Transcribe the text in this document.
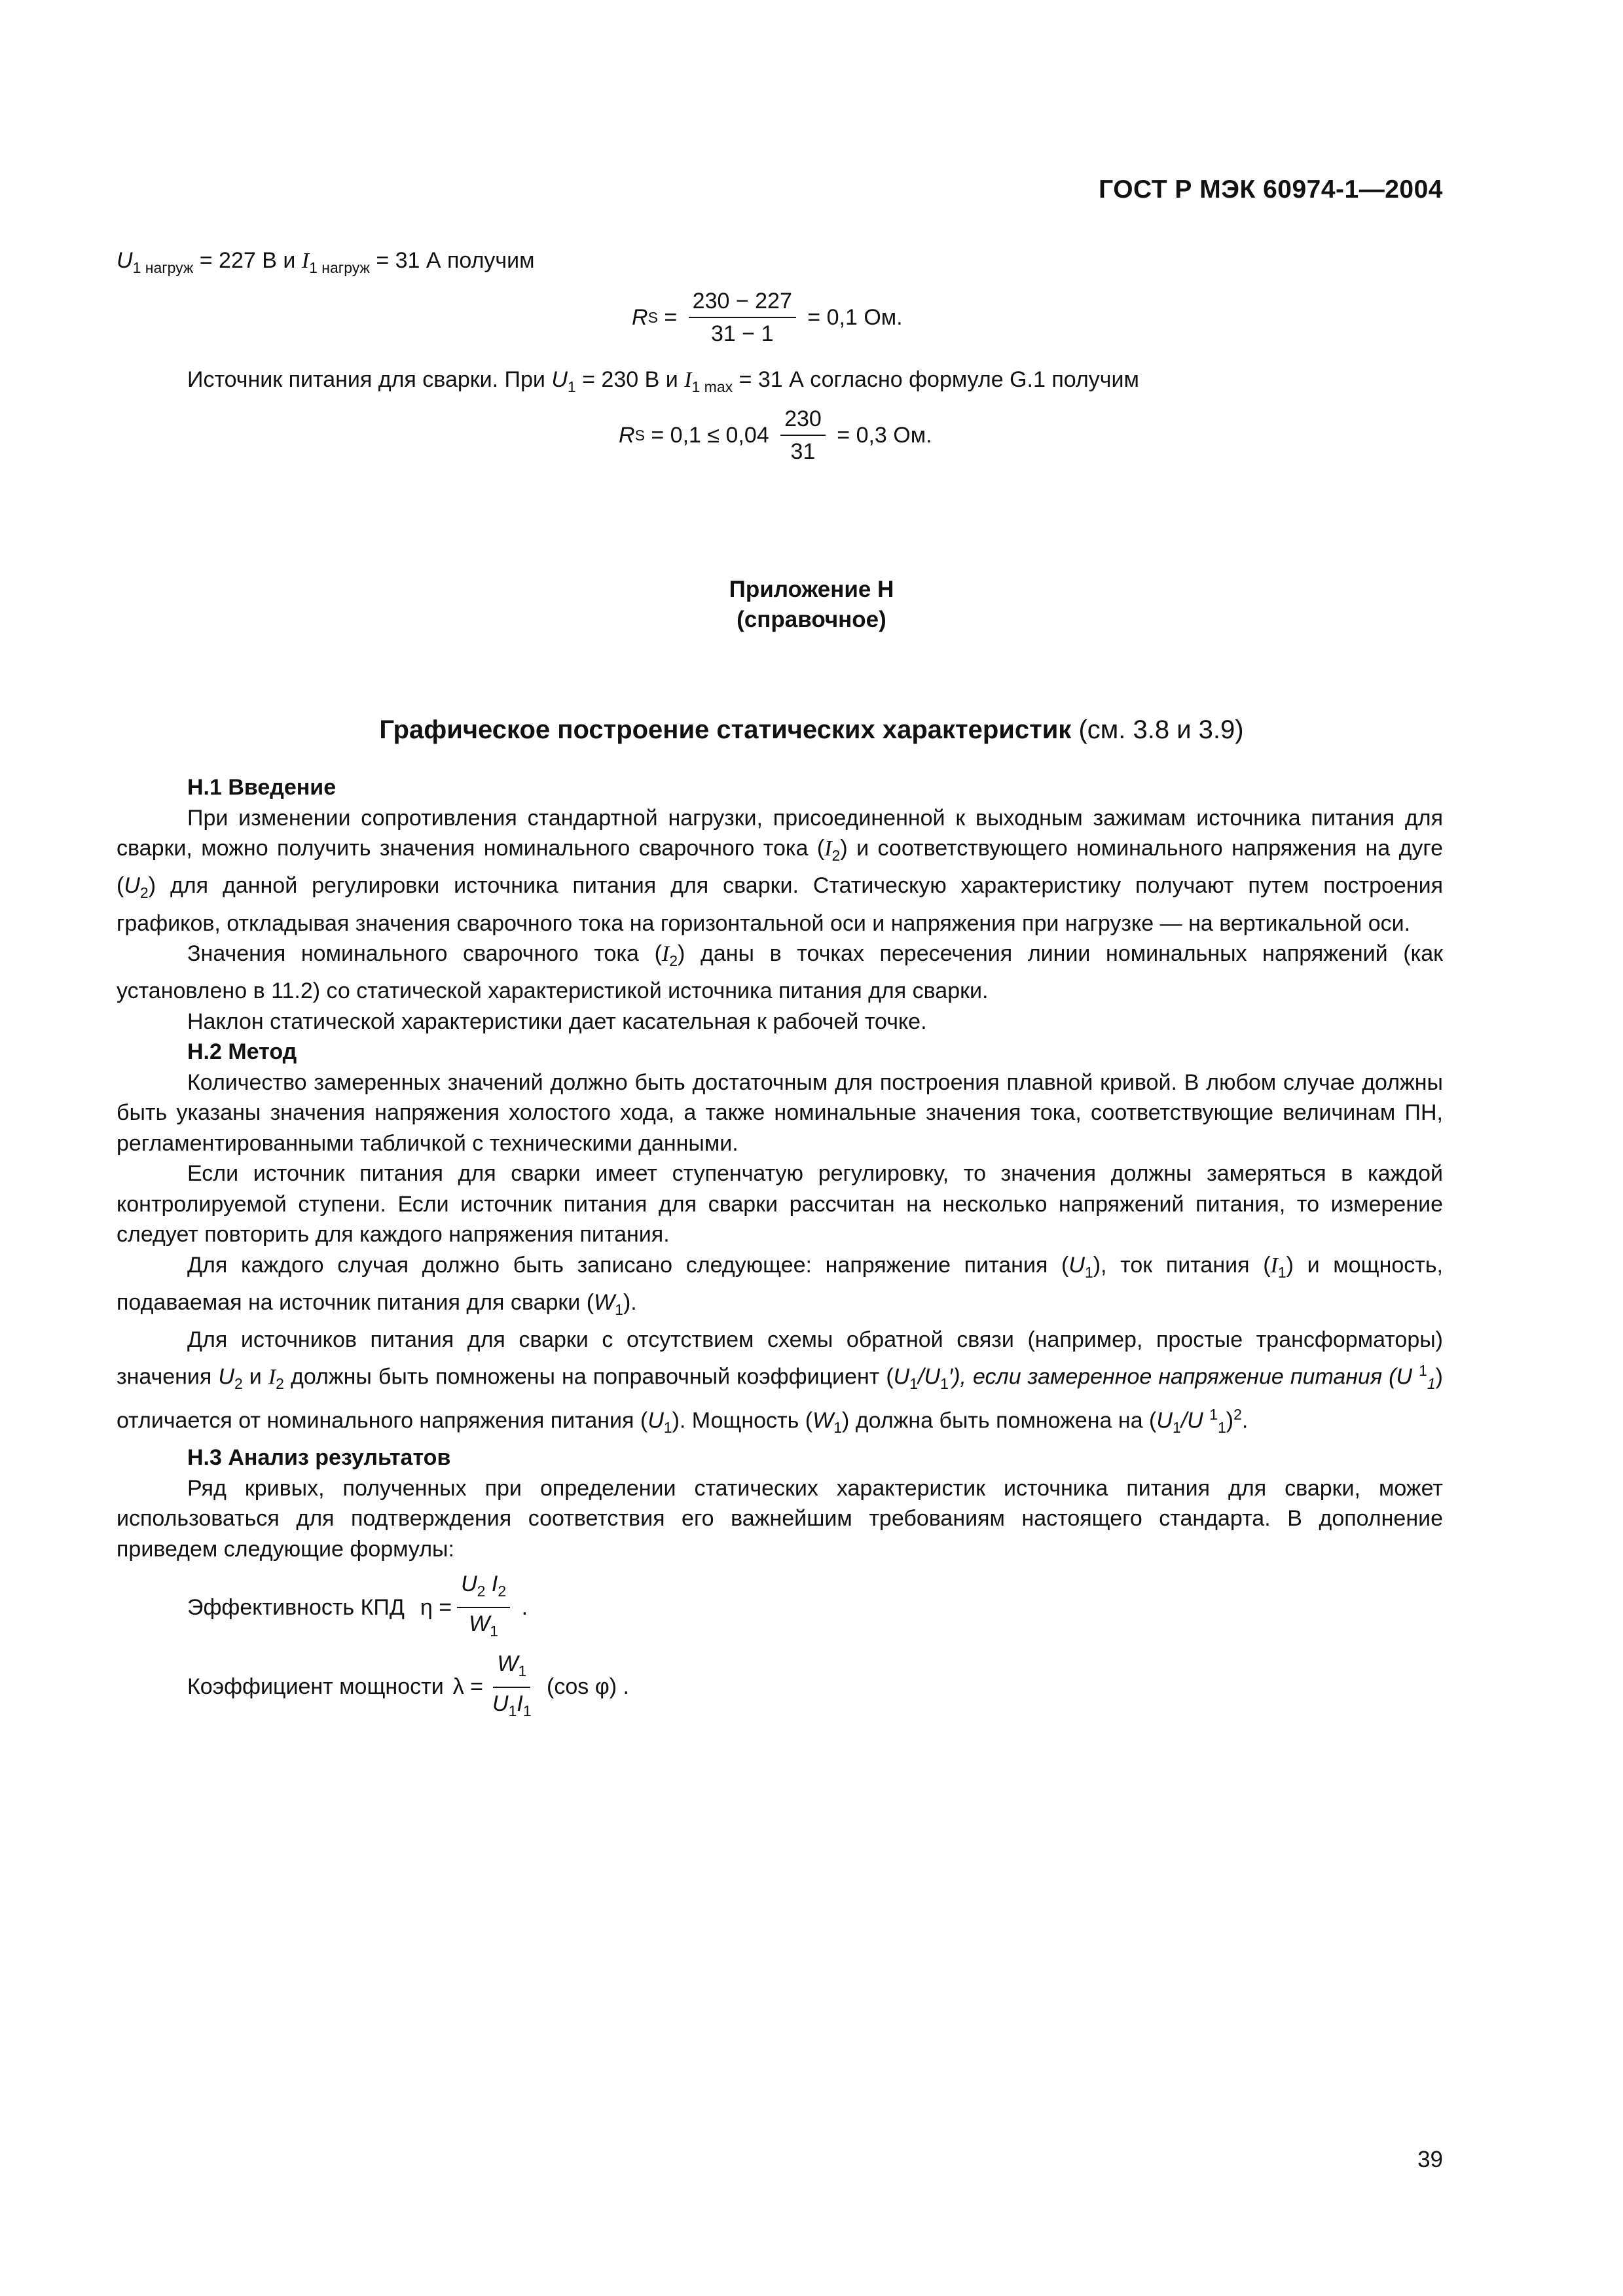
ГОСТ Р МЭК 60974-1—2004
$U_{1 нагруж} = 227$ В и $I_{1 нагруж} = 31$ А получим
R $S = \frac{230 - 227}{31 - 1} = 0,1$ Ом.
Источник питания для сварки. При $U_1 = 230$ В и $I_{1 max} = 31$ А согласно формуле G.1 получим
R $S = 0,1 \le 0,04 \frac{230}{31} = 0,3$ Ом.
Приложение H
(справочное)
Графическое построение статических характеристик (см. 3.8 и 3.9)

H.1 Введение

При изменении сопротивления стандартной нагрузки, присоединенной к выходным зажимам источника питания для сварки, можно получить значения номинального сварочного тока $(I_2)$ и соответствующего номинального напряжения на дуге $(U_2)$ для данной регулировки источника питания для сварки. Статическую характеристику получают путем построения графиков, откладывая значения сварочного тока на горизонтальной оси и напряжения при нагрузке — на вертикальной оси.

Значения номинального сварочного тока $(I_2)$ даны в точках пересечения линии номинальных напряжений (как установлено в 11.2) со статической характеристикой источника питания для сварки.

Наклон статической характеристики дает касательная к рабочей точке.

H.2 Метод

Количество замеренных значений должно быть достаточным для построения плавной кривой. В любом случае должны быть указаны значения напряжения холостого хода, а также номинальные значения тока, соответствующие величинам ПН, регламентированными табличкой с техническими данными.

Если источник питания для сварки имеет ступенчатую регулировку, то значения должны замеряться в каждой контролируемой ступени. Если источник питания для сварки рассчитан на несколько напряжений питания, то измерение следует повторить для каждого напряжения питания.

Для каждого случая должно быть записано следующее: напряжение питания $(U_1)$, ток питания $(I_1)$ и мощность, подаваемая на источник питания для сварки $(W_1)$.

Для источников питания для сварки с отсутствием схемы обратной связи (например, простые трансформаторы) значения $U_2$ и $I_2$ должны быть помножены на поправочный коэффициент $(U_1/U_1')$, если замеренное напряжение питания (U $^1_1$) отличается от номинального напряжения питания $(U_1)$. Мощность $(W_1)$ должна быть помножена на ($U_1/U$ $^1_1$)$^2$.

H.3 Анализ результатов

Ряд кривых, полученных при определении статических характеристик источника питания для сварки, может использоваться для подтверждения соответствия его важнейшим требованиям настоящего стандарта. В дополнение приведем следующие формулы:

Эффективность КПД $\eta = \frac{U_2 I_2}{W_1}$ .
Коэффициент мощности $\lambda = \frac{W_1}{U_1I_1} (\cos$ φ) .
39
